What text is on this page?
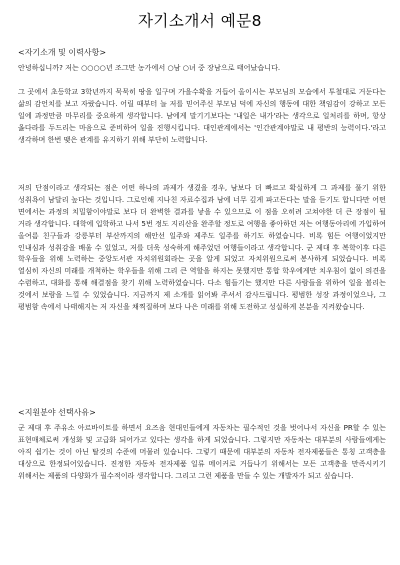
자기소개서 예문8
<자기소개 및 이력사항>
안녕하십니까? 저는 ○○○○년 조그만 농가에서 ○남 ○녀 중 장남으로 태어났습니다.
그 곳에서 초등학교 3학년까지 묵묵히 땅을 일구며 가을수확을 거듭어 올이시는 부모님의 모습에서 투철대로 거둔다는 삶의 감언치를 보고 자랐습니다. 어릴 때부터 늘 저를 믿어주신 부모님 덕에 자신의 행동에 대한 책임감이 강하고 모든 일에 과정만큼 마무리를 중요하게 생각합니다. 남에게 말기기보다는 '내일은 내가'라는 생각으로 일처리를 하며, 항상 옳다라를 두드리는 마음으로 준비하여 일을 진행시킵니다. 대인관계에서는 '인간관계야말로 내 평반의 능력이다.'라고 생각하며 한번 맺은 관계를 유지하기 위해 부단히 노력합니다.
저의 단점이라고 생각되는 점은 어떤 하나의 과제가 생겼을 경우, 남보다 더 빠르고 확실하게 그 과제를 풀기 위한 성취욕이 남달리 높다는 것입니다. 그로인해 지나친 자료수집과 남에 너무 깊게 파고든다는 말을 듣기도 합니다만 어떤 면에서는 과정의 치밀함이야말로 보다 더 완벽한 결과를 낳을 수 있으므로 이 점을 오히려 고쳐야한 더 큰 장점이 될 거라 생각합니다. 대학에 입학하고 나서 5번 정도 지리산을 완주할 정도로 여행을 좋아하던 저는 여행동아리에 가입하여 올여름 친구들과 강릉부터 부산까지의 해안선 일주와 제주도 일주를 하기도 하였습니다. 비록 힘든 여행이었지만 인내심과 성취감을 배울 수 있었고, 저를 더욱 성숙하게 해주었던 여행들이라고 생각합니다. 군 제대 후 복학이후 다른 학우들을 위해 노력하는 중앙도서관 자치위원회라는 곳을 알게 되었고 자치위원으로써 봉사하게 되었습니다. 비록 열심히 자신의 미래를 개척하는 학우들을 위해 그리 큰 역할을 하지는 못했지만 통합 학우에게만 치우침이 없이 의견을 수렴하고, 대화를 통해 해결점을 찾기 위해 노력하였습니다. 다소 힘들기는 했지만 다른 사람들을 위하여 일을 볼리는 것에서 보람을 느낄 수 있었습니다. 지금까지 제 소개를 읽어봐 주셔서 감사드립니다. 평범한 성장 과정이었으나, 그 평범함 속에서 나태해지는 저 자신을 채찍질하며 보다 나은 미래를 위해 도전하고 성실하게 본분을 지켜왔습니다.
<지원분야 선택사유>
군 제대 후 주유소 아르바이트를 하면서 요즈음 현대인들에게 자동차는 필수적인 것을 벗어나서 자신을 PR할 수 있는 표현매체로써 개성화 및 고급화 되어가고 있다는 생각을 하게 되었습니다. 그렇지만 자동차는 대부분의 사람들에게는 아직 쉽기는 것이 아닌 탈것의 수준에 머물러 있습니다. 그렇기 때문에 대부분의 자동차 전자제품들은 통칭 고객층을 대상으로 한정되어있습니다. 진정한 자동차 전자제품 일류 메이커로 거듭나기 위해서는 모든 고객층을 만족시키기 위해서는 제품의 다양화가 필수적이라 생각합니다. 그리고 그런 제품을 만들 수 있는 개발자가 되고 싶습니다.
